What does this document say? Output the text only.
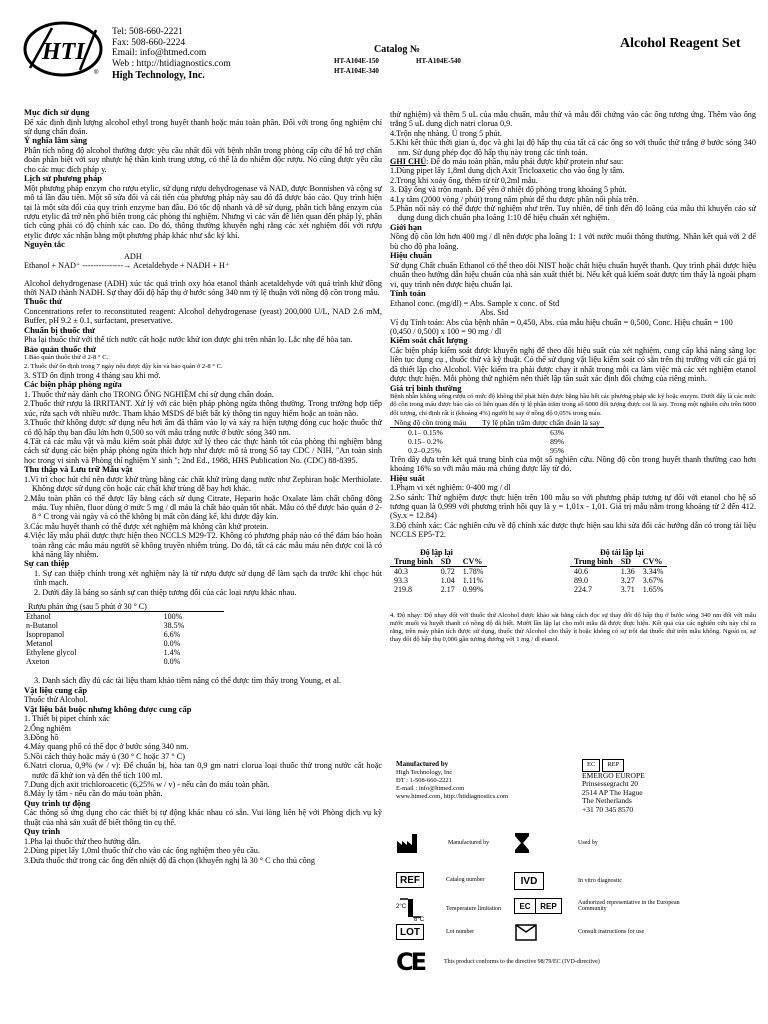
HTI
®
Tel: 508-660-2221
Fax: 508-660-2224
Email: info@htmed.com
Web : http://htidiagnostics.com
High Technology, Inc.
Catalog №
HT-A104E-150	HT-A104E-540
HT-A104E-340
Alcohol Reagent Set
Mục đích sử dụng

Để xác định định lượng alcohol ethyl trong huyết thanh hoặc máu toàn phần. Đối với trong ống nghiệm chỉ sử dụng chẩn đoán.

Ý nghĩa lâm sàng

Phân tích nồng độ alcohol thường được yêu cầu nhất đối với bệnh nhân trong phòng cấp cứu để hỗ trợ chẩn đoán phân biệt với suy nhược hệ thần kinh trung ương, có thể là do nhiễm độc rượu. Nó cũng được yêu cầu cho các mục đích pháp y.

Lịch sử phương pháp

Một phương pháp enzym cho rượu etylic, sử dụng rượu dehydrogenase và NAD, được Bonnishen và cộng sự mô tả lần đầu tiên. Một số sửa đổi và cải tiến của phương pháp này sau đó đã được báo cáo. Quy trình hiện tại là một sửa đổi của quy trình enzyme ban đầu. Đó tốc độ nhanh và dễ sử dụng, phân tích bằng enzym của rượu etylic đã trở nên phổ biến trong các phòng thí nghiệm. Nhưng vì các vấn đề liên quan đến pháp lý, phân tích cũng phải có độ chính xác cao. Do đó, thông thường khuyến nghị rằng các xét nghiệm đối với rượu etylic được xác nhận bằng một phương pháp khác như sắc ký khí.

Nguyên tắc

ADH

Ethanol + NAD⁺ ---------------→ Acetaldehyde + NADH + H⁺

Alcohol dehydrogenase (ADH) xúc tác quá trình oxy hóa etanol thành acetaldehyde với quá trình khử đồng thời NAD thành NADH. Sự thay đổi độ hấp thụ ở bước sóng 340 nm tỷ lệ thuận với nồng độ cồn trong mẫu.

Thuốc thử

Concentrations refer to reconstituted reagent: Alcohol dehydrogenase (yeast) 200,000 U/L, NAD 2.6 mM, Buffer, pH 9.2 ± 0.1, surfactant, preservative.

Chuẩn bị thuốc thử

Pha lại thuốc thử với thể tích nước cất hoặc nước khử ion được ghi trên nhãn lọ. Lắc nhẹ để hòa tan.

Bảo quản thuốc thử

1.Bảo quản thuốc thử ở 2-8 ° C.

2. Thuốc thử ổn định trong 7 ngày nếu được đậy kín và bảo quản ở 2-8 ° C.

3. STD ổn định trong 4 tháng sau khi mở.

Các biện pháp phòng ngừa

1. Thuốc thử này dành cho TRONG ỐNG NGHIỆM chỉ sử dụng chẩn đoán.

2.Thuốc thử rượu là IRRITANT. Xử lý với các biện pháp phòng ngừa thông thường. Trong trường hợp tiếp xúc, rửa sạch với nhiều nước. Tham khảo MSDS để biết bất kỳ thông tin nguy hiểm hoặc an toàn nào.

3.Thuốc thử không được sử dụng nếu hơi ẩm đã thâm vào lọ và xảy ra hiện tượng đóng cục hoặc thuốc thử có độ hấp thụ ban đầu lớn hơn 0,500 so với mẫu trắng nước ở bước sóng 340 nm.

4.Tất cả các mẫu vật và mẫu kiểm soát phải được xử lý theo các thực hành tốt của phòng thí nghiệm bằng cách sử dụng các biện pháp phòng ngừa thích hợp như được mô tả trong Sổ tay CDC / NIH, "An toàn sinh học trong vi sinh và Phòng thí nghiệm Y sinh "; 2nd Ed., 1988, HHS Publication No. (CDC) 88-8395.

Thu thập và Lưu trữ Mẫu vật

1.Vì trì chọc hút chỉ nên được khử trùng bằng các chất khử trùng dạng nước như Zephiran hoặc Merthiolate. Không được sử dụng cồn hoặc các chất khử trùng dễ bay hơi khác.

2.Mẫu toàn phần có thể được lấy bằng cách sử dụng Citrate, Heparin hoặc Oxalate làm chất chống đông máu. Tuy nhiên, fluor dùng ở mức 5 mg / dl máu là chất bảo quản tốt nhất. Mẫu có thể được bảo quản ở 2-8 ° C trong vài ngày và có thể không bị mất cồn đáng kể, khi được đậy kín.

3.Các mẫu huyết thanh có thể được xét nghiệm mà không cần khử protein.

4.Việc lấy mẫu phải được thực hiện theo NCCLS M29-T2. Không có phương pháp nào có thể đảm bảo hoàn toàn rằng các mẫu máu người sẽ không truyền nhiễm trùng. Do đó, tất cả các mẫu máu nên được coi là có khả năng lây nhiễm.

Sự can thiệp

1. Sự can thiệp chính trong xét nghiệm này là từ rượu được sử dụng để làm sạch da trước khi chọc hút tĩnh mạch.

2. Dưới đây là bảng so sánh sự can thiệp tương đối của các loại rượu khác nhau.

Rượu phản ứng (sau 5 phút ở 30 ° C)	
Ethanol	100%
n-Butanol	38.5%
Isopropanol	6.6%
Metanol	0.0%
Ethylene glycol	1.4%
Axeton	0.0%

3. Danh sách đầy đủ các tài liệu tham khảo tiềm năng có thể được tìm thấy trong Young, et al.

Vật liệu cung cấp

Thuốc thử Alcohol.

Vật liệu bắt buộc nhưng không được cung cấp

1. Thiết bị pipet chính xác

2.Ống nghiệm

3.Đồng hồ

4.Máy quang phổ có thể đọc ở bước sóng 340 nm.

5.Nồi cách thủy hoặc máy ủ (30 ° C hoặc 37 ° C)

6.Natri clorua, 0,9% (w / v): Để chuẩn bị, hòa tan 0,9 gm natri clorua loại thuốc thử trong nước cất hoặc nước đã khử ion và đến thể tích 100 ml.

7.Dung dịch axit trichloroacetic (6,25% w / v) - nếu cần đo máu toàn phần.

8.Máy ly tâm - nếu cần đo máu toàn phần.

Quy trình tự động

Các thông số ứng dụng cho các thiết bị tự động khác nhau có sẵn. Vui lòng liên hệ với Phòng dịch vụ kỹ thuật của nhà sản xuất để biết thông tin cụ thể.

Quy trình

1.Pha lại thuốc thử theo hướng dẫn.

2.Dùng pipet lấy 1,0ml thuốc thử cho vào các ống nghiệm theo yêu cầu.

3.Đưa thuốc thử trong các ống đến nhiệt độ đã chọn (khuyến nghị là 30 ° C cho thủ công

thử nghiệm) và thêm 5 uL của mẫu chuẩn, mẫu thử và mẫu đối chứng vào các ống tương ứng. Thêm vào ống trắng 5 uL dung dịch natri clorua 0,9.

4.Trộn nhẹ nhàng. Ủ trong 5 phút.

5.Khi kết thúc thời gian ủ, đọc và ghi lại độ hấp thụ của tất cả các ống so với thuốc thử trắng ở bước sóng 340 nm. Sử dụng phép đọc độ hấp thụ này trong các tính toán.

GHI CHÚ: Để đo máu toàn phần, mẫu phải được khử protein như sau:

1.Dùng pipet lấy 1,8ml dung dịch Axit Tricloaxetic cho vào ống ly tâm.

2.Trong khi xoáy ống, thêm từ từ 0,2ml mẫu.

3. Đậy ống và trộn mạnh. Để yên ở nhiệt độ phòng trong khoảng 5 phút.

4.Ly tâm (2000 vòng / phút) trong năm phút để thu được phần nổi phía trên.

5.Phần nổi này có thể được thử nghiệm như trên. Tuy nhiên, để tính đến độ loãng của mẫu thì khuyến cáo sử dụng dung dịch chuẩn pha loãng 1:10 để hiệu chuẩn xét nghiệm.

Giới hạn

Nồng độ cồn lớn hơn 400 mg / dl nên được pha loãng 1: 1 với nước muối thông thường. Nhân kết quả với 2 để bù cho độ pha loãng.

Hiệu chuẩn

Sử dụng Chất chuẩn Ethanol có thể theo dõi NIST hoặc chất hiệu chuẩn huyết thanh. Quy trình phải được hiệu chuẩn theo hướng dẫn hiệu chuẩn của nhà sản xuất thiết bị. Nếu kết quả kiểm soát được tìm thấy là ngoài phạm vi, quy trình nên được hiệu chuẩn lại.

Tính toán

Ethanol conc. (mg/dl) = Abs. Sample x conc. of Std

Abs. Std

Ví dụ Tính toán: Abs của bệnh nhân = 0,450, Abs. của mẫu hiệu chuẩn = 0,500, Conc. Hiệu chuẩn = 100

(0,450 / 0,500) x 100 = 90 mg / dl

Kiểm soát chất lượng

Các biện pháp kiểm soát được khuyến nghị để theo dõi hiệu suất của xét nghiệm, cung cấp khả năng sàng lọc liên tục dụng cụ , thuốc thử và kỹ thuật. Có thể sử dụng vật liệu kiểm soát có sẵn trên thị trường với các giá trị đã thiết lập cho Alcohol. Việc kiểm tra phải được chạy ít nhất trong mỗi ca làm việc mà các xét nghiệm etanol được thực hiện. Mỗi phòng thử nghiệm nên thiết lập tần suất xác định đối chứng của riêng mình.

Giá trị bình thường

Bệnh nhân không uống rượu có mức độ không thể phát hiện được bằng hầu hết các phương pháp sắc ký hoặc enzym. Dưới đây là các mức độ cồn trong máu được báo cáo có liên quan đến tỷ lệ phần trăm trong số 6000 đối tượng được coi là say. Trong một nghiên cứu trên 6000 đối tượng, chỉ định rất ít (khoảng 4%) người bị say ở nồng độ 0,05% trong máu.

Nồng độ cồn trong máu	Tỷ lệ phần trăm được chẩn đoán là say
0.1– 0.15%	63%
0.15– 0.2%	89%
0.2–0.25%	95%

Trên dây dựa trên kết quả trung bình của một số nghiên cứu. Nồng độ cồn trong huyết thanh thường cao hơn khoảng 16% so với mẫu máu mà chúng được lấy từ đó.

Hiệu suất

1.Phạm vi xét nghiệm: 0-400 mg / dl

2.So sánh: Thử nghiệm được thực hiện trên 100 mẫu so với phương pháp tương tự đối với etanol cho hệ số tương quan là 0,999 với phương trình hồi quy là y = 1,01x - 1,01. Giá trị mẫu nằm trong khoảng từ 2 đến 412. (Sy.x = 12.84)

3.Độ chính xác: Các nghiên cứu về độ chính xác được thực hiện sau khi sửa đổi các hướng dẫn có trong tài liệu NCCLS EP5-T2.

Độ lặp lại		
Trung bình	SD	CV%
40.3	0.72	1.78%
93.3	1.04	1.11%
219.8	2.17	0.99%
Độ tái lặp lại		
Trung bình	SD	CV%
40.6	1.36	3.34%
89.0	3.27	3.67%
224.7	3.71	1.65%

4. Độ nhạy: Độ nhạy đối với thuốc thử Alcohol được khảo sát bằng cách đọc sự thay đổi độ hấp thụ ở bước sóng 340 nm đối với mẫu nước muối và huyết thanh có nồng độ đã biết. Mười lần lặp lại cho mỗi mẫu đã được thực hiện. Kết quả của các nghiên cứu này chỉ ra rằng, trên máy phân tích được sử dụng, thuốc thử Alcohol cho thấy ít hoặc không có sự trôi dạt thuốc thử trên mẫu không. Ngoài ra, sự thay đổi độ hấp thụ 0,006 gần tương đương với 1 mg / dl etanol.

Manufactured by
High Technology, Inc
ĐT : 1-508-660-2221
E-mail : info@htmed.com
www.htmed.com, http://htidiagnostics.com
EC REP
EMERGO EUROPE
Prinsessegracht 20
2514 AP The Hague
The Netherlands
+31 70 345 8570
Manufactured by	Used by
REF	Catalog number	IVD	In vitro diagnostic
2°C
8°C
Temperature limitation	EC	REP	Authorized representative in the European Community
LOT	Lot number	Consult instructions for use
CE	This product conforms to the directive 98/79/EC (IVD-directive)
